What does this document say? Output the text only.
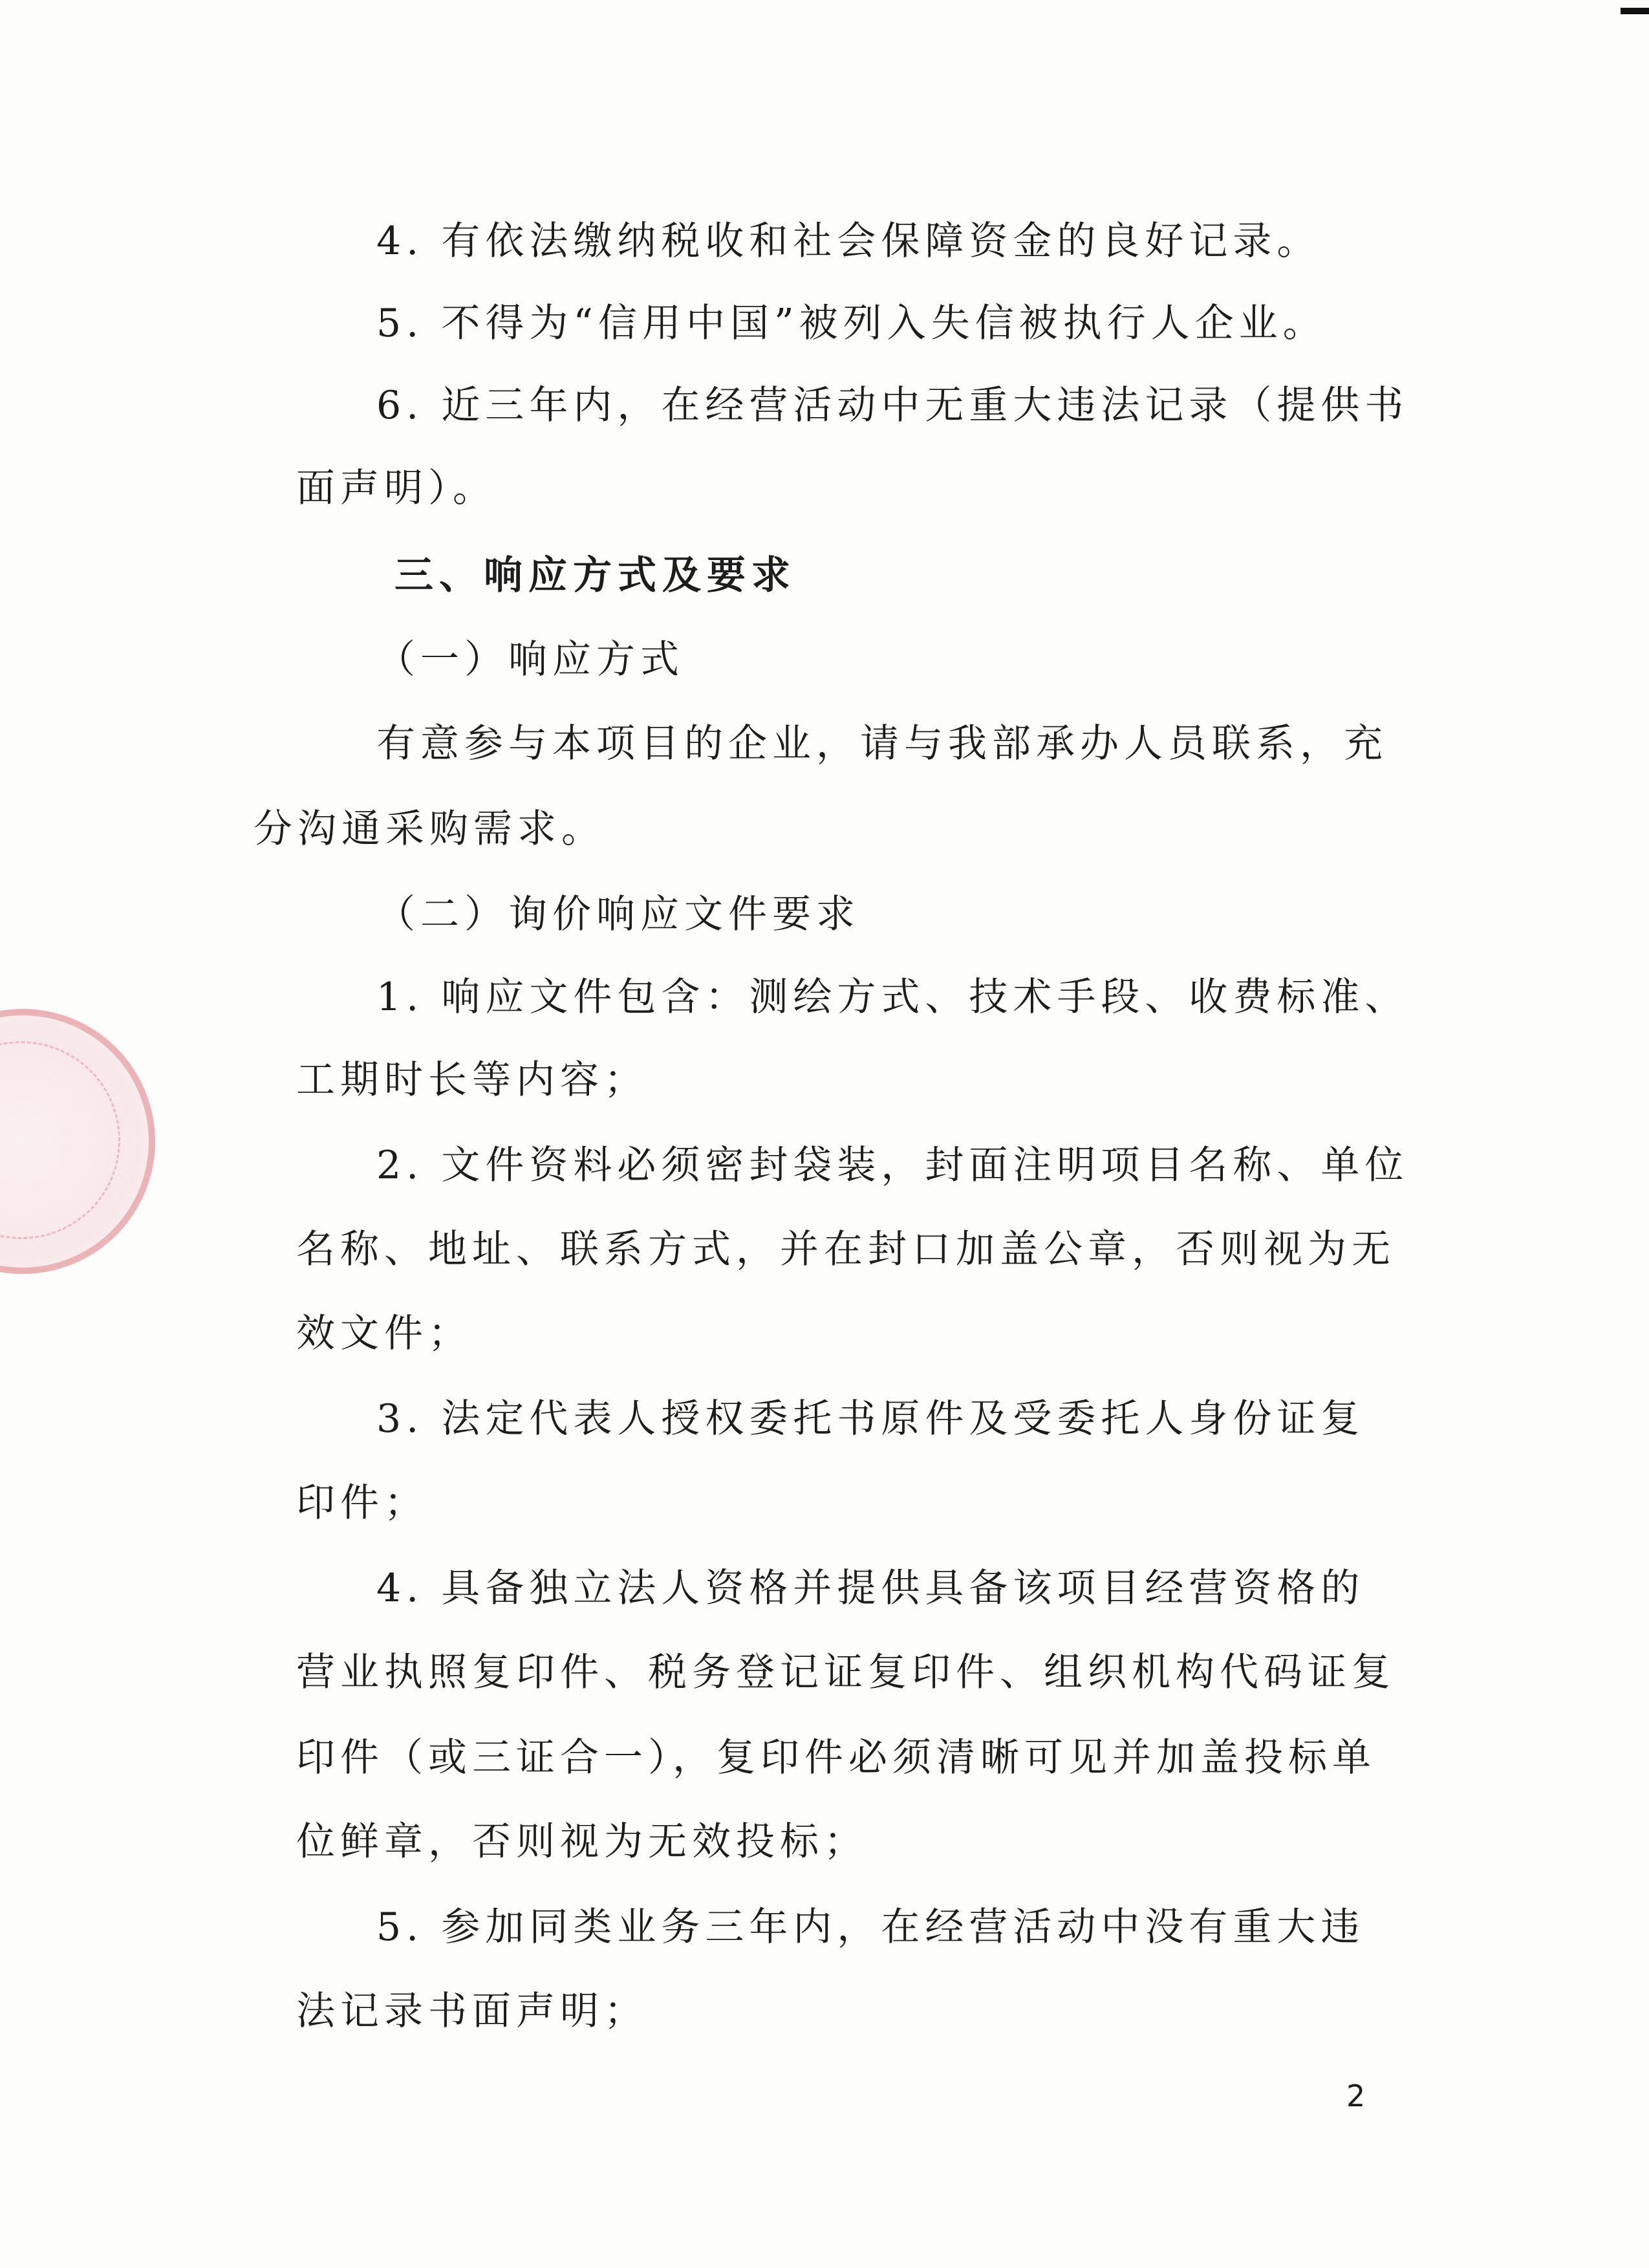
4. 有依法缴纳税收和社会保障资金的良好记录。
5. 不得为“信用中国”被列入失信被执行人企业。
6. 近三年内，在经营活动中无重大违法记录（提供书
面声明）。
三、响应方式及要求
（一）响应方式
有意参与本项目的企业，请与我部承办人员联系，充
分沟通采购需求。
（二）询价响应文件要求
1. 响应文件包含：测绘方式、技术手段、收费标准、
工期时长等内容；
2. 文件资料必须密封袋装，封面注明项目名称、单位
名称、地址、联系方式，并在封口加盖公章，否则视为无
效文件；
3. 法定代表人授权委托书原件及受委托人身份证复
印件；
4. 具备独立法人资格并提供具备该项目经营资格的
营业执照复印件、税务登记证复印件、组织机构代码证复
印件（或三证合一），复印件必须清晰可见并加盖投标单
位鲜章，否则视为无效投标；
5. 参加同类业务三年内，在经营活动中没有重大违
法记录书面声明；
2
